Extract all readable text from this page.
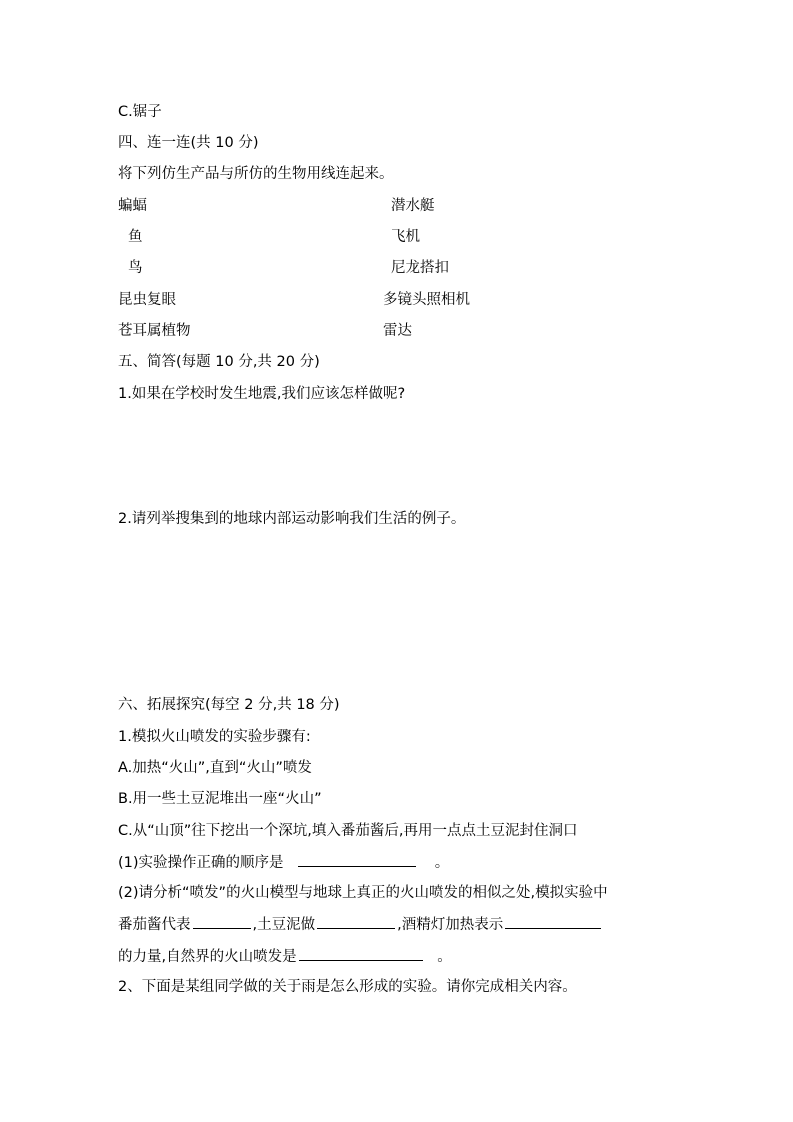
C.锯子
四、连一连(共 10 分)
将下列仿生产品与所仿的生物用线连起来。
蝙蝠	潜水艇
鱼	飞机
鸟	尼龙搭扣
昆虫复眼	多镜头照相机
苍耳属植物	雷达
五、简答(每题 10 分,共 20 分)
1.如果在学校时发生地震,我们应该怎样做呢?
2.请列举搜集到的地球内部运动影响我们生活的例子。
六、拓展探究(每空 2 分,共 18 分)
1.模拟火山喷发的实验步骤有:
A.加热“火山”,直到“火山”喷发
B.用一些土豆泥堆出一座“火山”
C.从“山顶”往下挖出一个深坑,填入番茄酱后,再用一点点土豆泥封住洞口
(1)实验操作正确的顺序是	。
(2)请分析“喷发”的火山模型与地球上真正的火山喷发的相似之处,模拟实验中
番茄酱代表	,土豆泥做	,酒精灯加热表示
的力量,自然界的火山喷发是	。
2、下面是某组同学做的关于雨是怎么形成的实验。请你完成相关内容。
